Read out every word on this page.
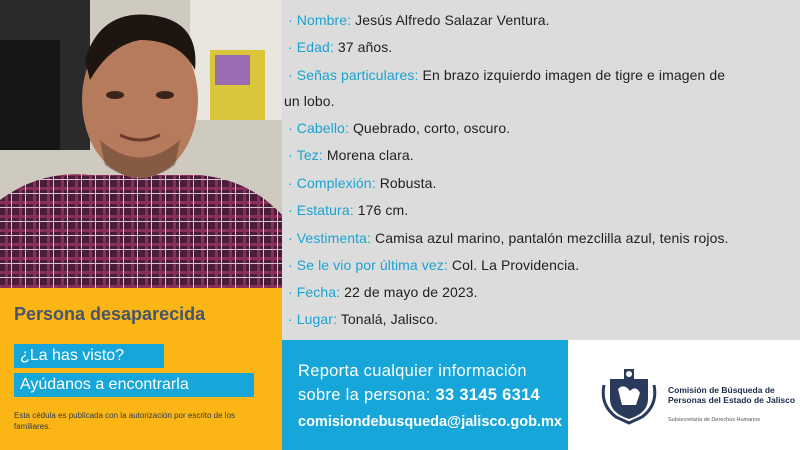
· Nombre: Jesús Alfredo Salazar Ventura.
· Edad: 37 años.
· Señas particulares: En brazo izquierdo imagen de tigre e imagen de
un lobo.
· Cabello: Quebrado, corto, oscuro.
· Tez: Morena clara.
· Complexión: Robusta.
· Estatura: 176 cm.
· Vestimenta: Camisa azul marino, pantalón mezclilla azul, tenis rojos.
· Se le vio por última vez: Col. La Providencia.
· Fecha: 22 de mayo de 2023.
· Lugar: Tonalá, Jalisco.
Persona desaparecida
¿La has visto?
Ayúdanos a encontrarla
Esta cédula es publicada con la autorización por escrito de los familiares.
Reporta cualquier información
sobre la persona: 33 3145 6314
comisiondebusqueda@jalisco.gob.mx
Comisión de Búsqueda de Personas del Estado de Jalisco
Subsecretaría de Derechos Humanos
